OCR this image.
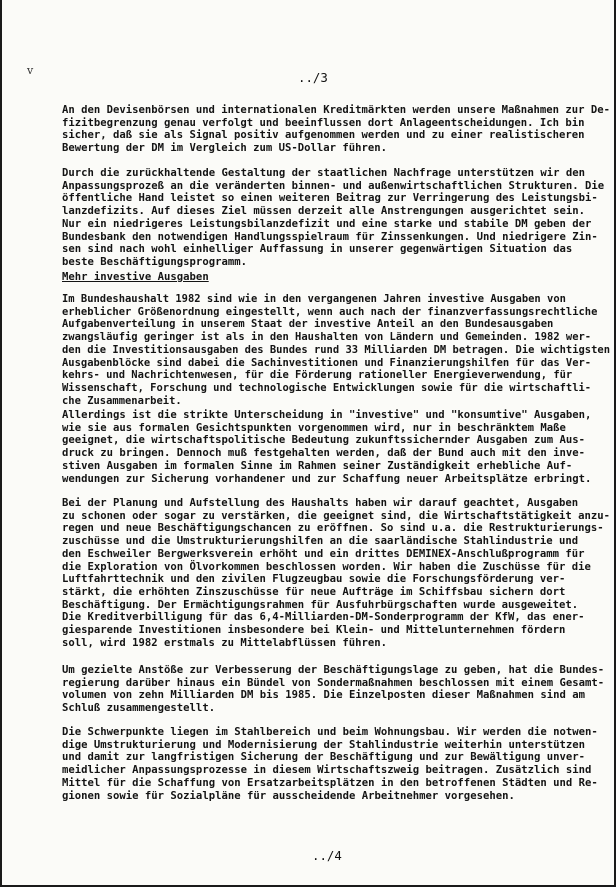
v	../3
An den Devisenbörsen und internationalen Kreditmärkten werden unsere Maßnahmen zur De-
fizitbegrenzung genau verfolgt und beeinflussen dort Anlageentscheidungen. Ich bin
sicher, daß sie als Signal positiv aufgenommen werden und zu einer realistischeren
Bewertung der DM im Vergleich zum US-Dollar führen.
Durch die zurückhaltende Gestaltung der staatlichen Nachfrage unterstützen wir den
Anpassungsprozeß an die veränderten binnen- und außenwirtschaftlichen Strukturen. Die
öffentliche Hand leistet so einen weiteren Beitrag zur Verringerung des Leistungsbi-
lanzdefizits. Auf dieses Ziel müssen derzeit alle Anstrengungen ausgerichtet sein.
Nur ein niedrigeres Leistungsbilanzdefizit und eine starke und stabile DM geben der
Bundesbank den notwendigen Handlungsspielraum für Zinssenkungen. Und niedrigere Zin-
sen sind nach wohl einhelliger Auffassung in unserer gegenwärtigen Situation das
beste Beschäftigungsprogramm.
Mehr investive Ausgaben
Im Bundeshaushalt 1982 sind wie in den vergangenen Jahren investive Ausgaben von
erheblicher Größenordnung eingestellt, wenn auch nach der finanzverfassungsrechtliche
Aufgabenverteilung in unserem Staat der investive Anteil an den Bundesausgaben
zwangsläufig geringer ist als in den Haushalten von Ländern und Gemeinden. 1982 wer-
den die Investitionsausgaben des Bundes rund 33 Milliarden DM betragen. Die wichtigsten
Ausgabenblöcke sind dabei die Sachinvestitionen und Finanzierungshilfen für das Ver-
kehrs- und Nachrichtenwesen, für die Förderung rationeller Energieverwendung, für
Wissenschaft, Forschung und technologische Entwicklungen sowie für die wirtschaftli-
che Zusammenarbeit.
Allerdings ist die strikte Unterscheidung in "investive" und "konsumtive" Ausgaben,
wie sie aus formalen Gesichtspunkten vorgenommen wird, nur in beschränktem Maße
geeignet, die wirtschaftspolitische Bedeutung zukunftssichernder Ausgaben zum Aus-
druck zu bringen. Dennoch muß festgehalten werden, daß der Bund auch mit den inve-
stiven Ausgaben im formalen Sinne im Rahmen seiner Zuständigkeit erhebliche Auf-
wendungen zur Sicherung vorhandener und zur Schaffung neuer Arbeitsplätze erbringt.
Bei der Planung und Aufstellung des Haushalts haben wir darauf geachtet, Ausgaben
zu schonen oder sogar zu verstärken, die geeignet sind, die Wirtschaftstätigkeit anzu-
regen und neue Beschäftigungschancen zu eröffnen. So sind u.a. die Restrukturierungs-
zuschüsse und die Umstrukturierungshilfen an die saarländische Stahlindustrie und
den Eschweiler Bergwerksverein erhöht und ein drittes DEMINEX-Anschlußprogramm für
die Exploration von Ölvorkommen beschlossen worden. Wir haben die Zuschüsse für die
Luftfahrttechnik und den zivilen Flugzeugbau sowie die Forschungsförderung ver-
stärkt, die erhöhten Zinszuschüsse für neue Aufträge im Schiffsbau sichern dort
Beschäftigung. Der Ermächtigungsrahmen für Ausfuhrbürgschaften wurde ausgeweitet.
Die Kreditverbilligung für das 6,4-Milliarden-DM-Sonderprogramm der KfW, das ener-
giesparende Investitionen insbesondere bei Klein- und Mittelunternehmen fördern
soll, wird 1982 erstmals zu Mittelabflüssen führen.
Um gezielte Anstöße zur Verbesserung der Beschäftigungslage zu geben, hat die Bundes-
regierung darüber hinaus ein Bündel von Sondermaßnahmen beschlossen mit einem Gesamt-
volumen von zehn Milliarden DM bis 1985. Die Einzelposten dieser Maßnahmen sind am
Schluß zusammengestellt.
Die Schwerpunkte liegen im Stahlbereich und beim Wohnungsbau. Wir werden die notwen-
dige Umstrukturierung und Modernisierung der Stahlindustrie weiterhin unterstützen
und damit zur langfristigen Sicherung der Beschäftigung und zur Bewältigung unver-
meidlicher Anpassungsprozesse in diesem Wirtschaftszweig beitragen. Zusätzlich sind
Mittel für die Schaffung von Ersatzarbeitsplätzen in den betroffenen Städten und Re-
gionen sowie für Sozialpläne für ausscheidende Arbeitnehmer vorgesehen.
../4
